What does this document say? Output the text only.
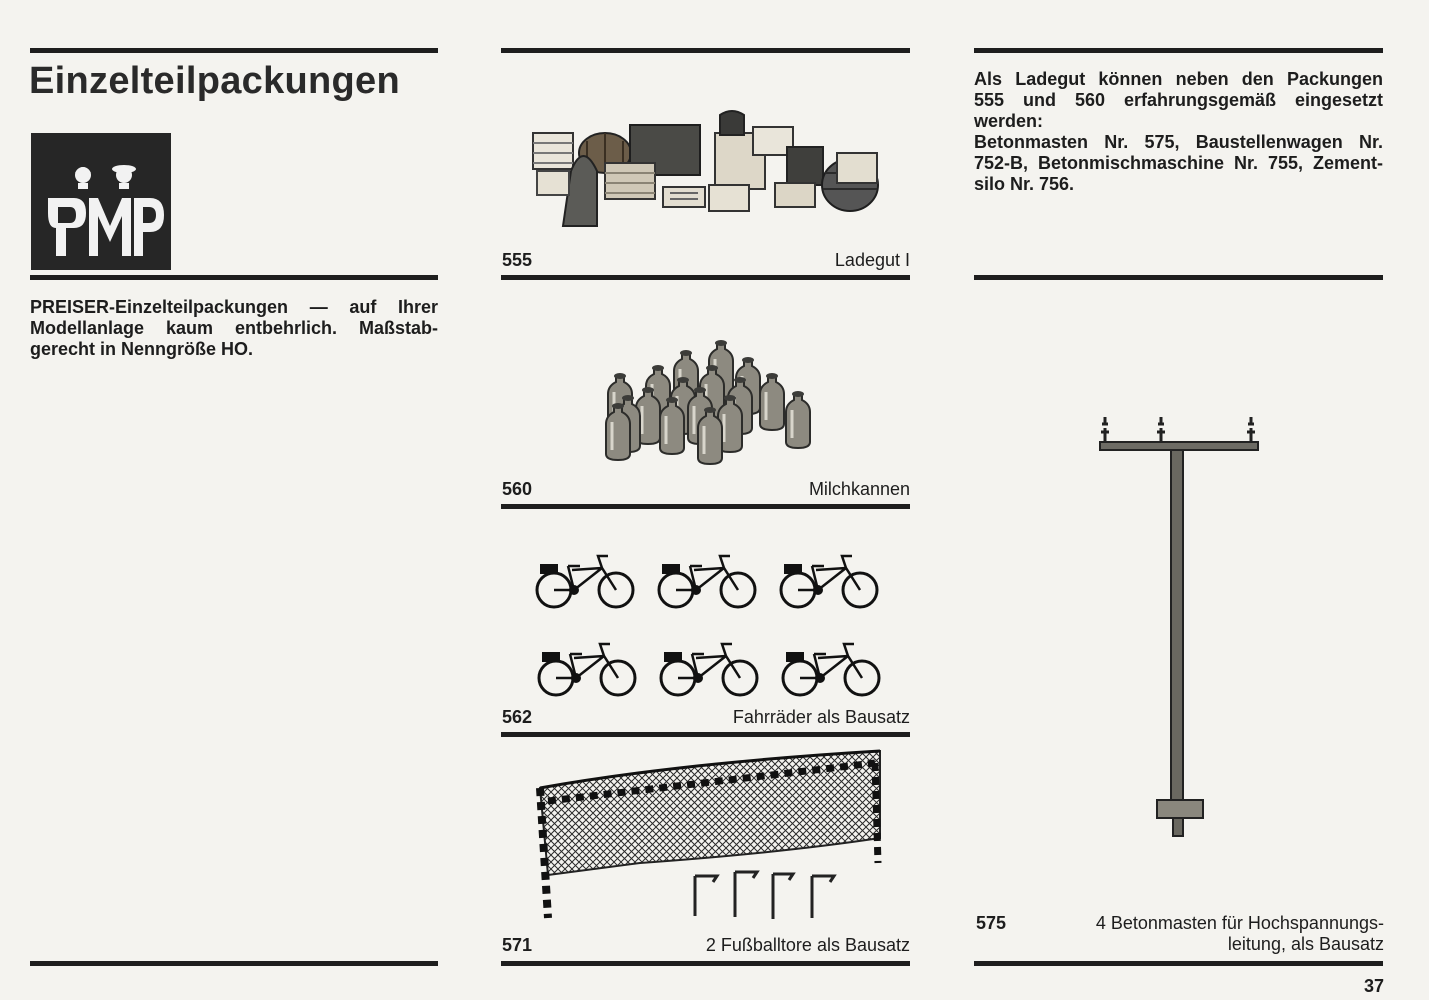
Einzelteilpackungen
PREISER-Einzelteilpackungen — auf Ihrer
Modellanlage kaum entbehrlich. Maßstab-
gerecht in Nenngröße HO.
555	Ladegut I
560	Milchkannen
562	Fahrräder als Bausatz
571	2 Fußballtore als Bausatz
Als Ladegut können neben den Packungen
555 und 560 erfahrungsgemäß eingesetzt
werden:
Betonmasten Nr. 575, Baustellenwagen Nr.
752-B, Betonmischmaschine Nr. 755, Zement-
silo Nr. 756.
575	4 Betonmasten für Hochspannungs-
leitung, als Bausatz
37
